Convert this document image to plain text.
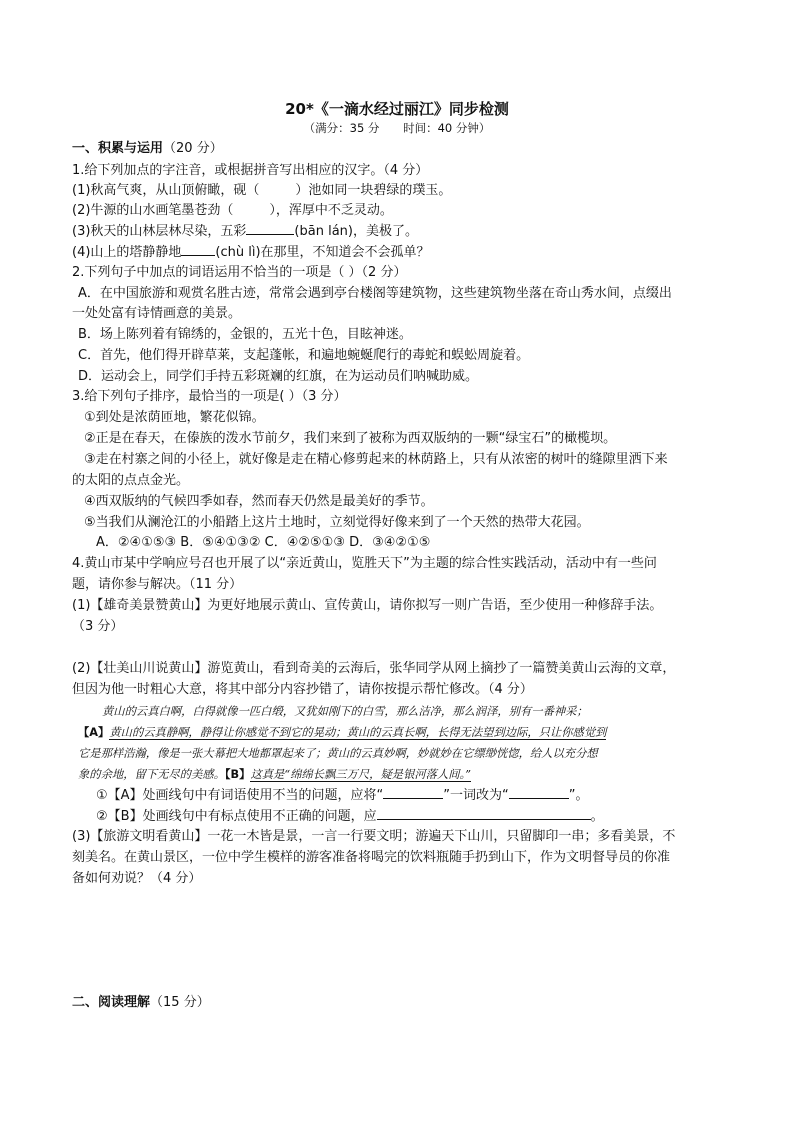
20*《一滴水经过丽江》同步检测
（满分：35 分 时间：40 分钟）
一、积累与运用（20 分）
1.给下列加点的字注音，或根据拼音写出相应的汉字。（4 分）
(1)秋高气爽，从山顶俯瞰，砚（	）池如同一块碧绿的璞玉。
(2)牛源的山水画笔墨苍劲（	），浑厚中不乏灵动。
(3)秋天的山林层林尽染，五彩	(bān lán)，美极了。
(4)山上的塔静静地	(chù lì)在那里，不知道会不会孤单？
2.下列句子中加点的词语运用不恰当的一项是（ ）（2 分）
A．在中国旅游和观赏名胜古迹，常常会遇到亭台楼阁等建筑物，这些建筑物坐落在奇山秀水间，点缀出
一处处富有诗情画意的美景。
B．场上陈列着有锦绣的，金银的，五光十色，目眩神迷。
C．首先，他们得开辟草莱，支起蓬帐，和遍地蜿蜒爬行的毒蛇和蜈蚣周旋着。
D．运动会上，同学们手持五彩斑斓的红旗，在为运动员们呐喊助威。
3.给下列句子排序，最恰当的一项是( ）（3 分）
①到处是浓荫匝地，繁花似锦。
②正是在春天，在傣族的泼水节前夕，我们来到了被称为西双版纳的一颗“绿宝石”的橄榄坝。
③走在村寨之间的小径上，就好像是走在精心修剪起来的林荫路上，只有从浓密的树叶的缝隙里洒下来
的太阳的点点金光。
④西双版纳的气候四季如春，然而春天仍然是最美好的季节。
⑤当我们从澜沧江的小船踏上这片土地时，立刻觉得好像来到了一个天然的热带大花园。
A．②④①⑤③ B．⑤④①③② C．④②⑤①③ D．③④②①⑤
4.黄山市某中学响应号召也开展了以“亲近黄山，览胜天下”为主题的综合性实践活动，活动中有一些问
题，请你参与解决。（11 分）
(1)【雄奇美景赞黄山】为更好地展示黄山、宣传黄山，请你拟写一则广告语，至少使用一种修辞手法。
（3 分）
(2)【壮美山川说黄山】游览黄山，看到奇美的云海后，张华同学从网上摘抄了一篇赞美黄山云海的文章，
但因为他一时粗心大意，将其中部分内容抄错了，请你按提示帮忙修改。（4 分）
黄山的云真白啊，白得就像一匹白缎，又犹如刚下的白雪，那么洁净，那么润泽，别有一番神采；
【A】黄山的云真静啊，静得让你感觉不到它的晃动；黄山的云真长啊，长得无法望到边际，只让你感觉到
它是那样浩瀚，像是一张大幕把大地都罩起来了；黄山的云真妙啊，妙就妙在它缥缈恍惚，给人以充分想
象的余地，留下无尽的美感。【B】这真是“绵绵长飘三万尺，疑是银河落人间。”
①【A】处画线句中有词语使用不当的问题，应将“	”一词改为“	”。
②【B】处画线句中有标点使用不正确的问题，应	。
(3)【旅游文明看黄山】一花一木皆是景，一言一行要文明；游遍天下山川，只留脚印一串；多看美景，不
刻美名。在黄山景区，一位中学生模样的游客准备将喝完的饮料瓶随手扔到山下，作为文明督导员的你准
备如何劝说？（4 分）
二、阅读理解（15 分）
